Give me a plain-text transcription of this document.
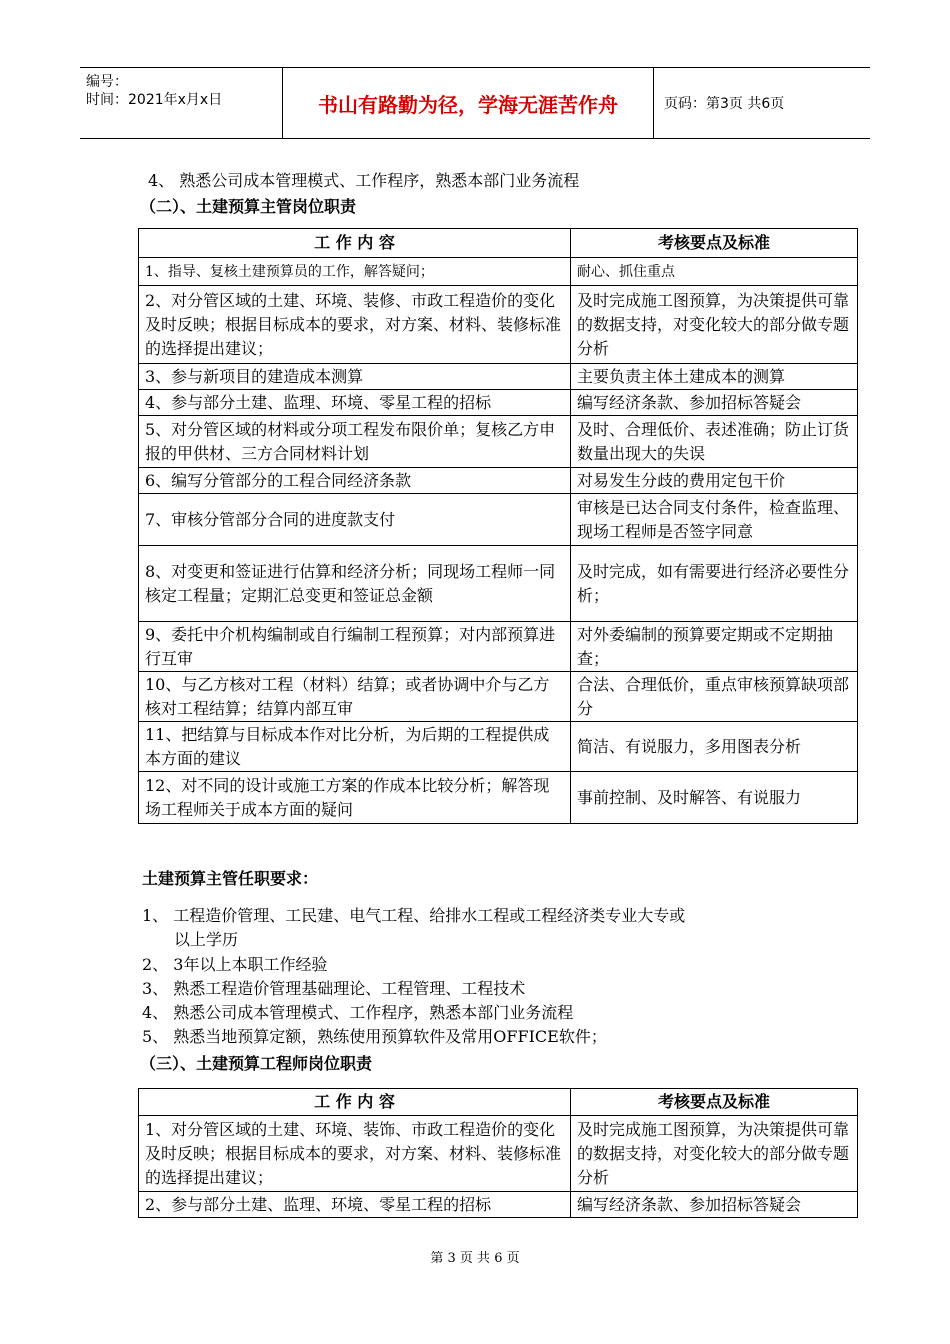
编号：
时间：2021年x月x日	书山有路勤为径，学海无涯苦作舟	页码：第3页 共6页
4、 熟悉公司成本管理模式、工作程序，熟悉本部门业务流程
（二）、土建预算主管岗位职责
工 作 内 容	考核要点及标准
1、指导、复核土建预算员的工作，解答疑问；	耐心、抓住重点
2、对分管区域的土建、环境、装修、市政工程造价的变化及时反映；根据目标成本的要求，对方案、材料、装修标准的选择提出建议；	及时完成施工图预算，为决策提供可靠的数据支持，对变化较大的部分做专题分析
3、参与新项目的建造成本测算	主要负责主体土建成本的测算
4、参与部分土建、监理、环境、零星工程的招标	编写经济条款、参加招标答疑会
5、对分管区域的材料或分项工程发布限价单；复核乙方申报的甲供材、三方合同材料计划	及时、合理低价、表述准确；防止订货数量出现大的失误
6、编写分管部分的工程合同经济条款	对易发生分歧的费用定包干价
7、审核分管部分合同的进度款支付	审核是已达合同支付条件，检查监理、现场工程师是否签字同意
8、对变更和签证进行估算和经济分析；同现场工程师一同核定工程量；定期汇总变更和签证总金额	及时完成，如有需要进行经济必要性分析；
9、委托中介机构编制或自行编制工程预算；对内部预算进行互审	对外委编制的预算要定期或不定期抽查；
10、与乙方核对工程（材料）结算；或者协调中介与乙方核对工程结算；结算内部互审	合法、合理低价，重点审核预算缺项部分
11、把结算与目标成本作对比分析，为后期的工程提供成本方面的建议	简洁、有说服力，多用图表分析
12、对不同的设计或施工方案的作成本比较分析；解答现场工程师关于成本方面的疑问	事前控制、及时解答、有说服力
土建预算主管任职要求：
1、 工程造价管理、工民建、电气工程、给排水工程或工程经济类专业大专或
以上学历
2、 3年以上本职工作经验
3、 熟悉工程造价管理基础理论、工程管理、工程技术
4、 熟悉公司成本管理模式、工作程序，熟悉本部门业务流程
5、 熟悉当地预算定额，熟练使用预算软件及常用OFFICE软件；
（三）、土建预算工程师岗位职责
工 作 内 容	考核要点及标准
1、对分管区域的土建、环境、装饰、市政工程造价的变化及时反映；根据目标成本的要求，对方案、材料、装修标准的选择提出建议；	及时完成施工图预算，为决策提供可靠的数据支持，对变化较大的部分做专题分析
2、参与部分土建、监理、环境、零星工程的招标	编写经济条款、参加招标答疑会
第 3 页 共 6 页
